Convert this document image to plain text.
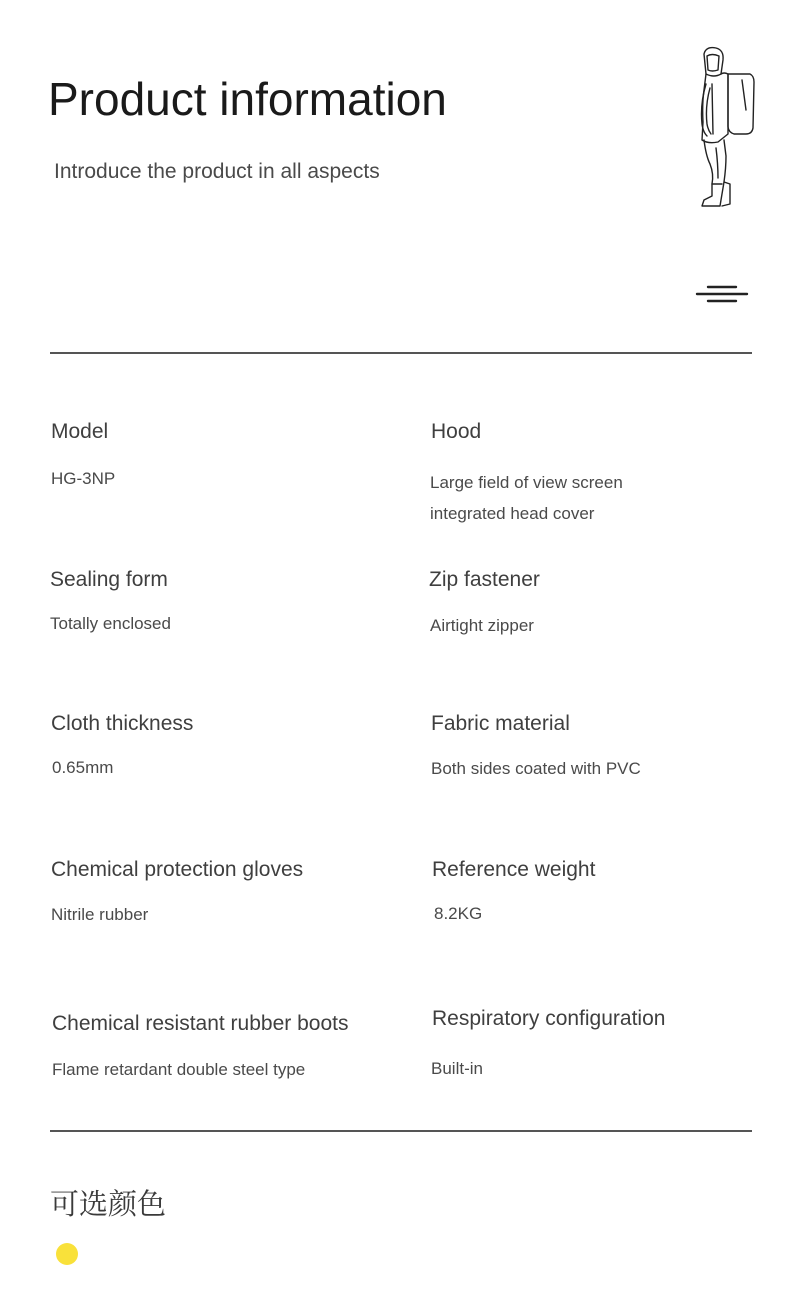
Product information
Introduce the product in all aspects
Model
HG-3NP
Hood
Large field of view screen
integrated head cover
Sealing form
Totally enclosed
Zip fastener
Airtight zipper
Cloth thickness
0.65mm
Fabric material
Both sides coated with PVC
Chemical protection gloves
Nitrile rubber
Reference weight
8.2KG
Chemical resistant rubber boots
Flame retardant double steel type
Respiratory configuration
Built-in
可选颜色
